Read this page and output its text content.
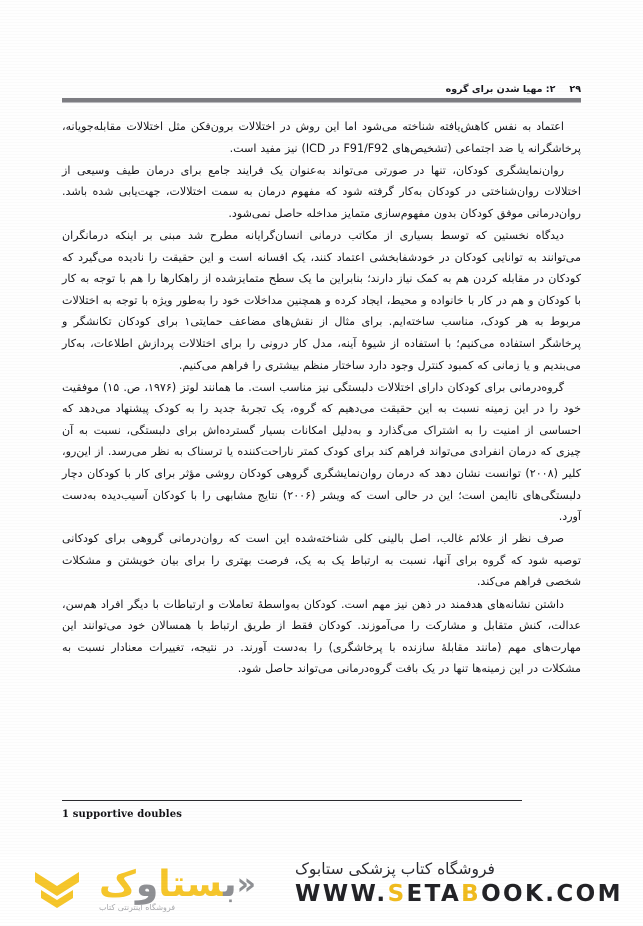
۲۹
۲: مهیا شدن برای گروه

اعتماد به نفس کاهش‌یافته شناخته می‌شود اما این روش در اختلالات برون‌فکن مثل اختلالات مقابله‌جویانه، پرخاشگرانه یا ضد اجتماعی (تشخیص‌های F91/F92 در ICD) نیز مفید است.

روان‌نمایشگری کودکان، تنها در صورتی می‌تواند به‌عنوان یک فرایند جامع برای درمان طیف وسیعی از اختلالات روان‌شناختی در کودکان به‌کار گرفته شود که مفهوم درمان به سمت اختلالات، جهت‌یابی شده باشد. روان‌درمانی موفق کودکان بدون مفهوم‌سازی متمایز مداخله حاصل نمی‌شود.

دیدگاه نخستین که توسط بسیاری از مکاتب درمانی انسان‌گرایانه مطرح شد مبنی بر اینکه درمانگران می‌توانند به توانایی کودکان در خودشفابخشی اعتماد کنند، یک افسانه است و این حقیقت را نادیده می‌گیرد که کودکان در مقابله کردن هم به کمک نیاز دارند؛ بنابراین ما یک سطح متمایزشده از راهکارها را هم با توجه به کار با کودکان و هم در کار با خانواده و محیط، ایجاد کرده و همچنین مداخلات خود را به‌طور ویژه با توجه به اختلالات مربوط به هر کودک، مناسب ساخته‌ایم. برای مثال از نقش‌های مضاعف حمایتی۱ برای کودکان تکانشگر و پرخاشگر استفاده می‌کنیم؛ با استفاده از شیوهٔ آینه، مدل کار درونی را برای اختلالات پردازش اطلاعات، به‌کار می‌بندیم و یا زمانی که کمبود کنترل وجود دارد ساختار منظم بیشتری را فراهم می‌کنیم.

گروه‌درمانی برای کودکان دارای اختلالات دلبستگی نیز مناسب است. ما همانند لوتز (۱۹۷۶، ص. ۱۵) موفقیت خود را در این زمینه نسبت به این حقیقت می‌دهیم که گروه، یک تجربهٔ جدید را به کودک پیشنهاد می‌دهد که احساسی از امنیت را به اشتراک می‌گذارد و به‌دلیل امکانات بسیار گسترده‌اش برای دلبستگی، نسبت به آن چیزی که درمان انفرادی می‌تواند فراهم کند برای کودک کمتر ناراحت‌کننده یا ترسناک به نظر می‌رسد. از این‌رو، کلیر (۲۰۰۸) توانست نشان دهد که درمان روان‌نمایشگری گروهی کودکان روشی مؤثر برای کار با کودکان دچار دلبستگی‌های ناایمن است؛ این در حالی است که ویشر (۲۰۰۶) نتایج مشابهی را با کودکان آسیب‌دیده به‌دست آورد.

صرف نظر از علائم غالب، اصل بالینی کلی شناخته‌شده این است که روان‌درمانی گروهی برای کودکانی توصیه شود که گروه برای آنها، نسبت به ارتباط یک به یک، فرصت بهتری را برای بیان خویشتن و مشکلات شخصی فراهم می‌کند.

داشتن نشانه‌های هدفمند در ذهن نیز مهم است. کودکان به‌واسطهٔ تعاملات و ارتباطات با دیگر افراد هم‌سن، عدالت، کنش متقابل و مشارکت را می‌آموزند. کودکان فقط از طریق ارتباط با همسالان خود می‌توانند این مهارت‌های مهم (مانند مقابلهٔ سازنده با پرخاشگری) را به‌دست آورند. در نتیجه، تغییرات معنادار نسبت به مشکلات در این زمینه‌ها تنها در یک بافت گروه‌درمانی می‌تواند حاصل شود.

1 supportive doubles
«بستاوک
فروشگاه اینترنتی کتاب
فروشگاه کتاب پزشکی ستابوک
WWW.SETABOOK.COM
